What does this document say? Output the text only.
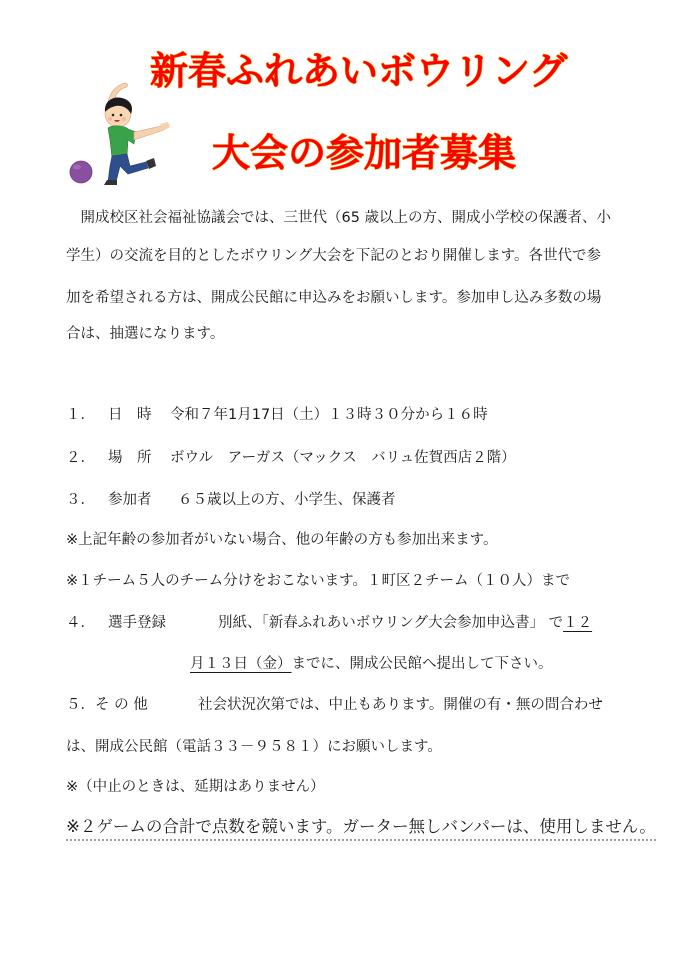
新春ふれあいボウリング
大会の参加者募集
　開成校区社会福祉協議会では、三世代（65 歳以上の方、開成小学校の保護者、小
学生）の交流を目的としたボウリング大会を下記のとおり開催します。各世代で参
加を希望される方は、開成公民館に申込みをお願いします。参加申し込み多数の場
合は、抽選になります。
１． 日　時 令和７年1月17日（土）１３時３０分から１６時
２． 場　所 ボウル　アーガス（マックス　バリュ佐賀西店２階）
３． 参加者 ６５歳以上の方、小学生、保護者
※上記年齢の参加者がいない場合、他の年齢の方も参加出来ます。
※１チーム５人のチーム分けをおこないます。１町区２チーム（１０人）まで
４． 選手登録	別紙、「新春ふれあいボウリング大会参加申込書」 で１２
月１３日（金）までに、開成公民館へ提出して下さい。
５．そ の 他	社会状況次第では、中止もあります。開催の有・無の問合わせ
は、開成公民館（電話３３－９５８１）にお願いします。
※（中止のときは、延期はありません）
※２ゲームの合計で点数を競います。ガーター無しバンパーは、使用しません。
